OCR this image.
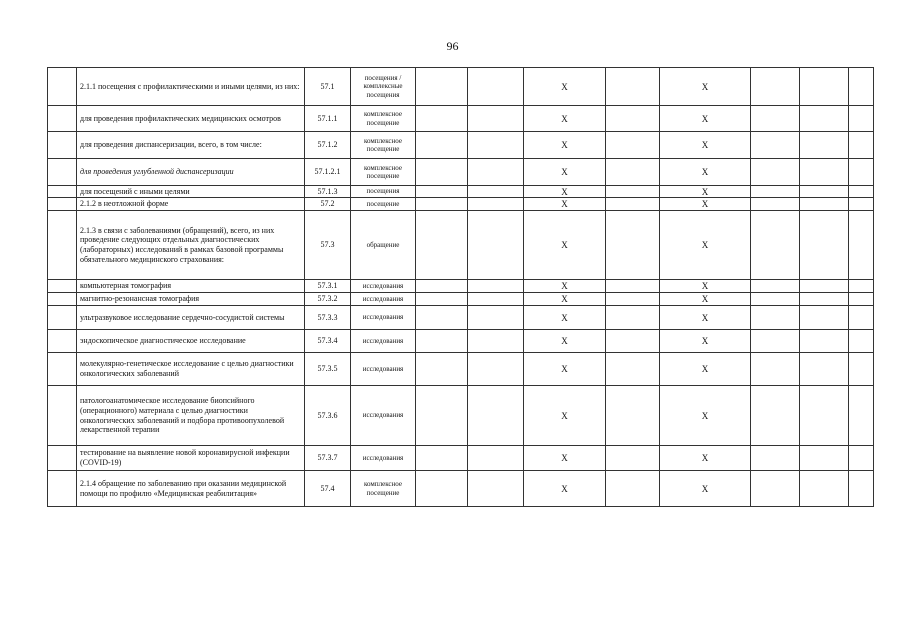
96
	2.1.1 посещения с профилактическими и иными целями, из них:	57.1	посещения / комплексные посещения			X		X			
	для проведения профилактических медицинских осмотров	57.1.1	комплексное посещение			X		X			
	для проведения диспансеризации, всего, в том числе:	57.1.2	комплексное посещение			X		X			
	для проведения углубленной диспансеризации	57.1.2.1	комплексное посещение			X		X			
	для посещений с иными целями	57.1.3	посещения			X		X			
	2.1.2 в неотложной форме	57.2	посещение			X		X			
	2.1.3 в связи с заболеваниями (обращений), всего, из них проведение следующих отдельных диагностических (лабораторных) исследований в рамках базовой программы обязательного медицинского страхования:	57.3	обращение			X		X			
	компьютерная томография	57.3.1	исследования			X		X			
	магнитно-резонансная томография	57.3.2	исследования			X		X			
	ультразвуковое исследование сердечно-сосудистой системы	57.3.3	исследования			X		X			
	эндоскопическое диагностическое исследование	57.3.4	исследования			X		X			
	молекулярно-генетическое исследование с целью диагностики онкологических заболеваний	57.3.5	исследования			X		X			
	патологоанатомическое исследование биопсийного (операционного) материала с целью диагностики онкологических заболеваний и подбора противоопухолевой лекарственной терапии	57.3.6	исследования			X		X			
	тестирование на выявление новой коронавирусной инфекции (COVID-19)	57.3.7	исследования			X		X			
	2.1.4 обращение по заболеванию при оказании медицинской помощи по профилю «Медицинская реабилитация»	57.4	комплексное посещение			X		X			
